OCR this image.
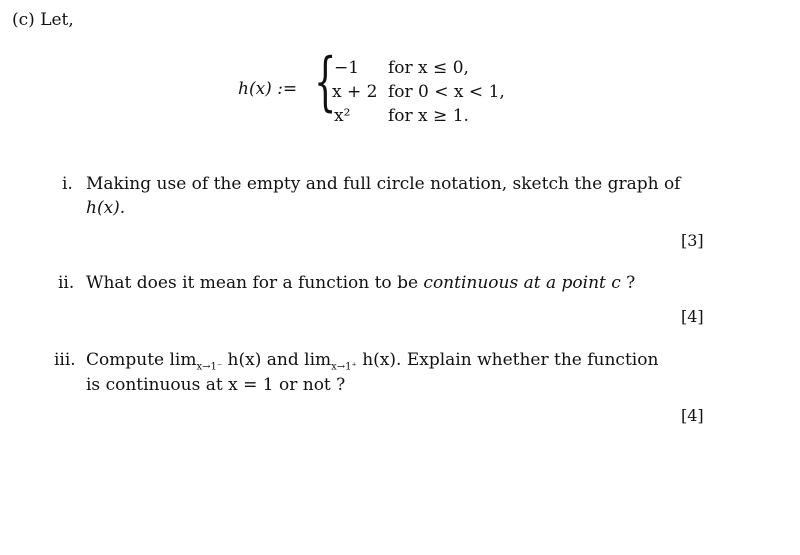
(c) Let,
h(x) := {
−1 for x ≤ 0,
x + 2 for 0 < x < 1,
x² for x ≥ 1.
i. Making use of the empty and full circle notation, sketch the graph of
h(x).
[3]
ii. What does it mean for a function to be continuous at a point c ?
[4]
iii. Compute $\lim_{x\to 1^-} h(x)$ and $\lim_{x\to 1^+} h(x)$. Explain whether the function
is continuous at x = 1 or not ?
[4]
